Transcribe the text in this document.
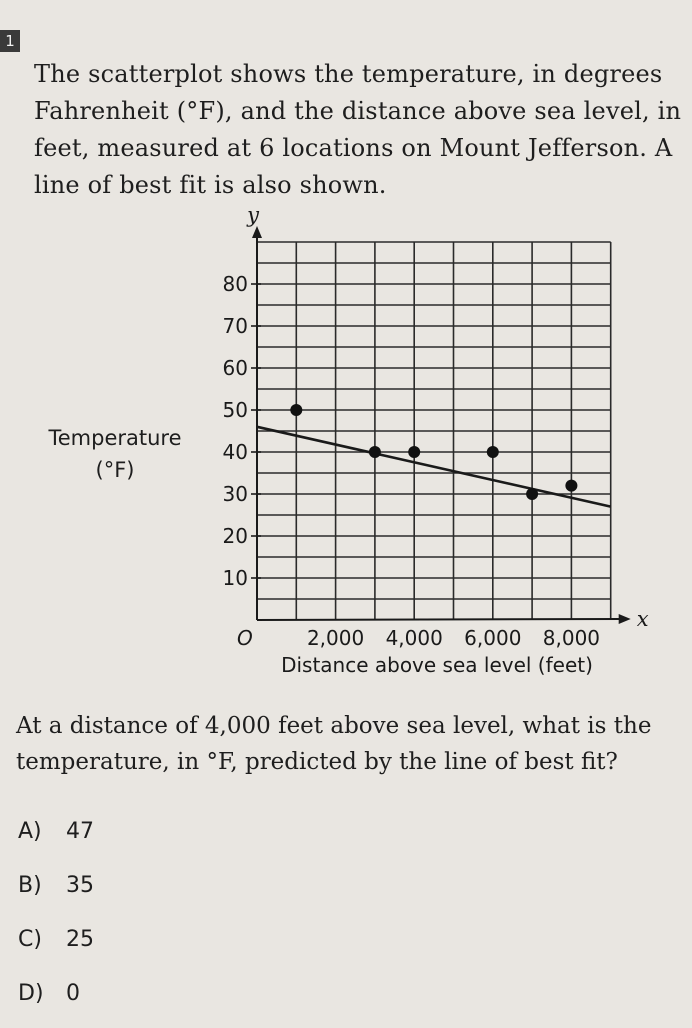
1
The scatterplot shows the temperature, in degrees
Fahrenheit (°F), and the distance above sea level, in
feet, measured at 6 locations on Mount Jefferson. A
line of best fit is also shown.
Temperature
(°F)
10
20
30
40
50
60
70
80
2,000 4,000 6,000 8,000
O
y
x
Distance above sea level (feet)
At a distance of 4,000 feet above sea level, what is the
temperature, in °F, predicted by the line of best fit?
A) 47
B) 35
C) 25
D) 0
